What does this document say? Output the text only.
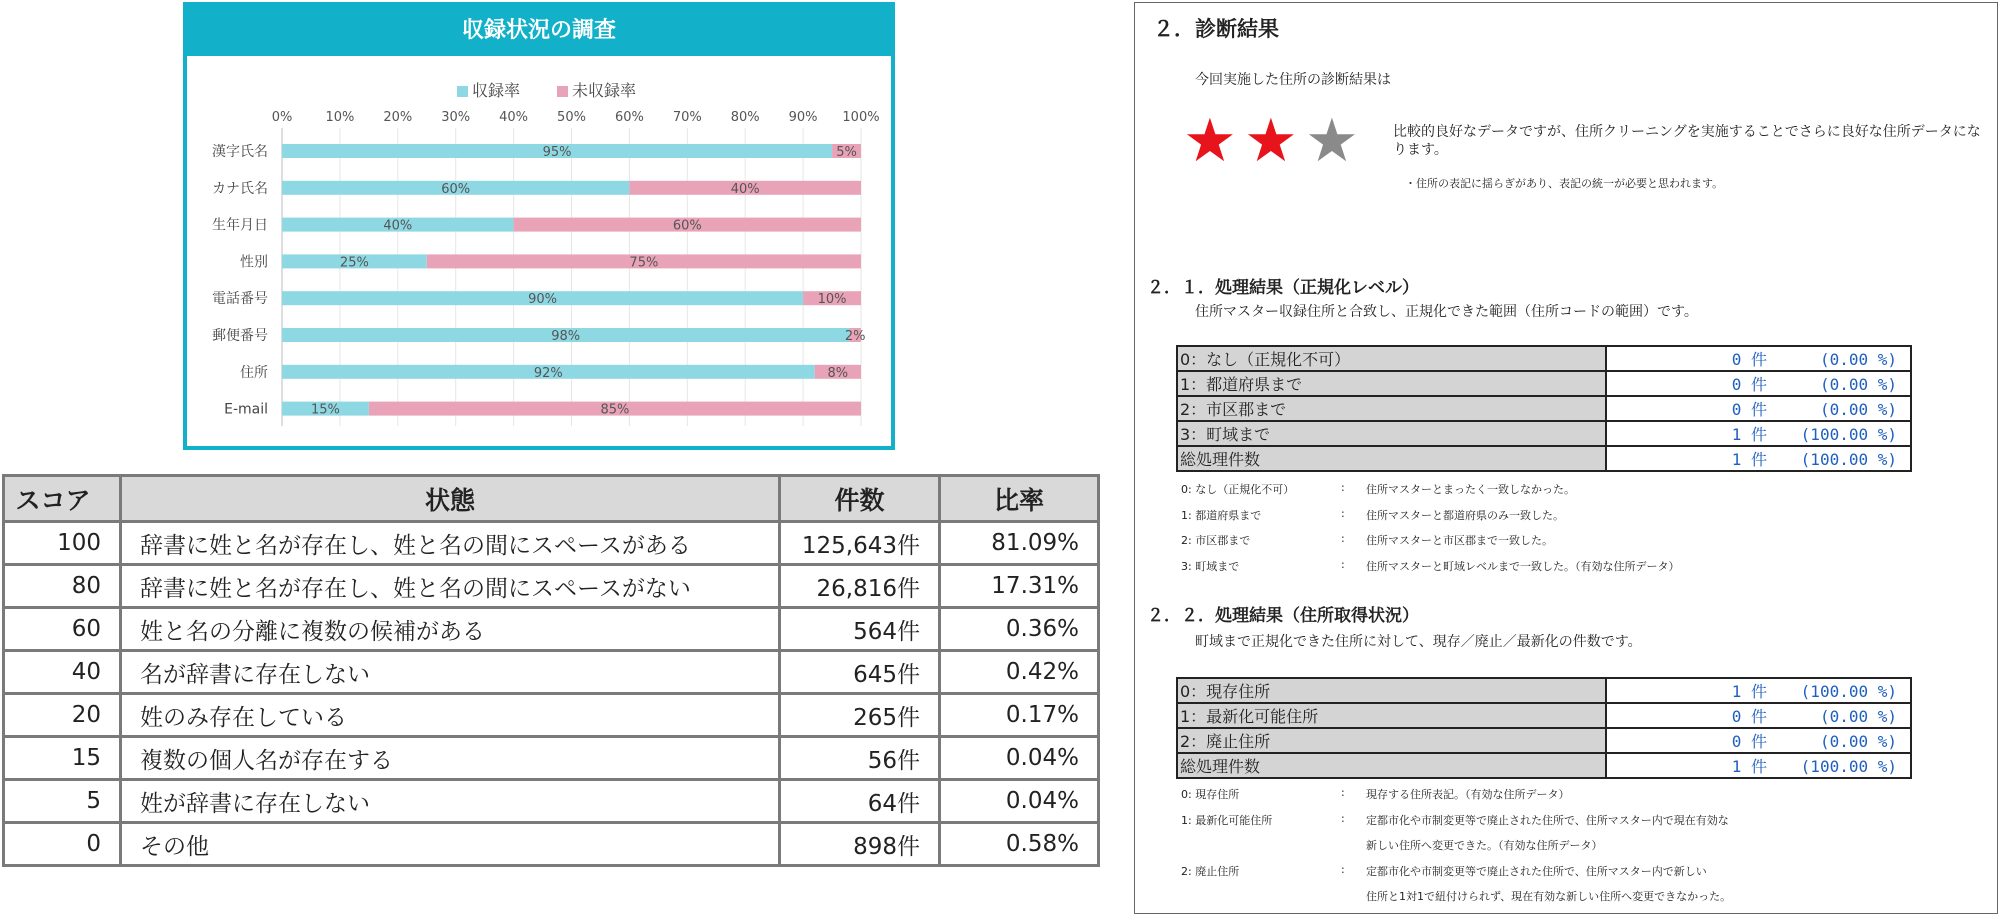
収録状況の調査
収録率	未収録率
0%	10% 20% 30% 40% 50% 60% 70% 80% 90% 100%
漢字氏名	95%	5%
カナ氏名	60%	40%
生年月日	40%	60%
性別	25%	75%
電話番号	90%	10%
郵便番号	98%	2%
住所	92%	8%
E-mail	15%	85%
スコア	状態	件数	比率
100	辞書に姓と名が存在し、姓と名の間にスペースがある	125,643件	81.09%
80	辞書に姓と名が存在し、姓と名の間にスペースがない	26,816件	17.31%
60	姓と名の分離に複数の候補がある	564件	0.36%
40	名が辞書に存在しない	645件	0.42%
20	姓のみ存在している	265件	0.17%
15	複数の個人名が存在する	56件	0.04%
5	姓が辞書に存在しない	64件	0.04%
0	その他	898件	0.58%
２．診断結果
今回実施した住所の診断結果は
★ ★ ★ 比較的良好なデータですが、住所クリーニングを実施することでさらに良好な住所データになります。
・住所の表記に揺らぎがあり、表記の統一が必要と思われます。
２．１．処理結果（正規化レベル）
住所マスター収録住所と合致し、正規化できた範囲（住所コードの範囲）です。
0：なし（正規化不可）	0 件 (0.00 %)
1：都道府県まで	0 件 (0.00 %)
2：市区郡まで	0 件 (0.00 %)
3：町域まで	1 件 (100.00 %)
総処理件数	1 件 (100.00 %)
0: なし（正規化不可）	: 住所マスターとまったく一致しなかった。
1: 都道府県まで	: 住所マスターと都道府県のみ一致した。
2: 市区郡まで	: 住所マスターと市区郡まで一致した。
3: 町域まで	: 住所マスターと町域レベルまで一致した。（有効な住所データ）
２．２．処理結果（住所取得状況）
町域まで正規化できた住所に対して、現存／廃止／最新化の件数です。
0：現存住所	1 件 (100.00 %)
1：最新化可能住所	0 件 (0.00 %)
2：廃止住所	0 件 (0.00 %)
総処理件数	1 件 (100.00 %)
0: 現存住所	: 現存する住所表記。（有効な住所データ）
1: 最新化可能住所	: 定都市化や市制変更等で廃止された住所で、住所マスター内で現在有効な
新しい住所へ変更できた。（有効な住所データ）
2: 廃止住所	: 定都市化や市制変更等で廃止された住所で、住所マスター内で新しい
住所と1対1で紐付けられず、現在有効な新しい住所へ変更できなかった。
